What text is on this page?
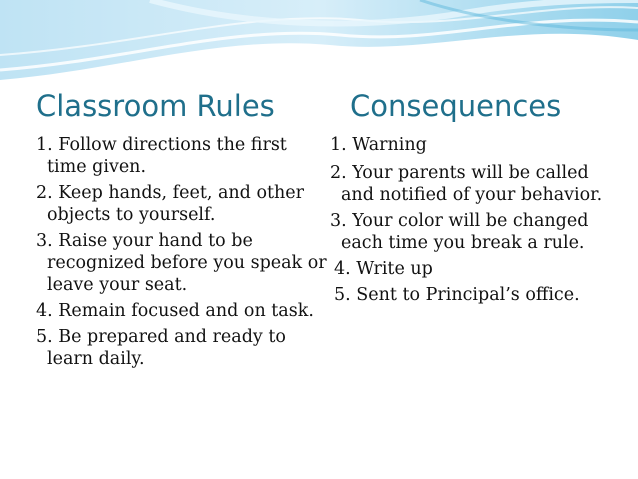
Classroom Rules
1. Follow directions the first time given.
2. Keep hands, feet, and other objects to yourself.
3. Raise your hand to be recognized before you speak or leave your seat.
4. Remain focused and on task.
5. Be prepared and ready to learn daily.
Consequences
1. Warning
2. Your parents will be called and notified of your behavior.
3. Your color will be changed each time you break a rule.
4. Write up
5. Sent to Principal’s office.
